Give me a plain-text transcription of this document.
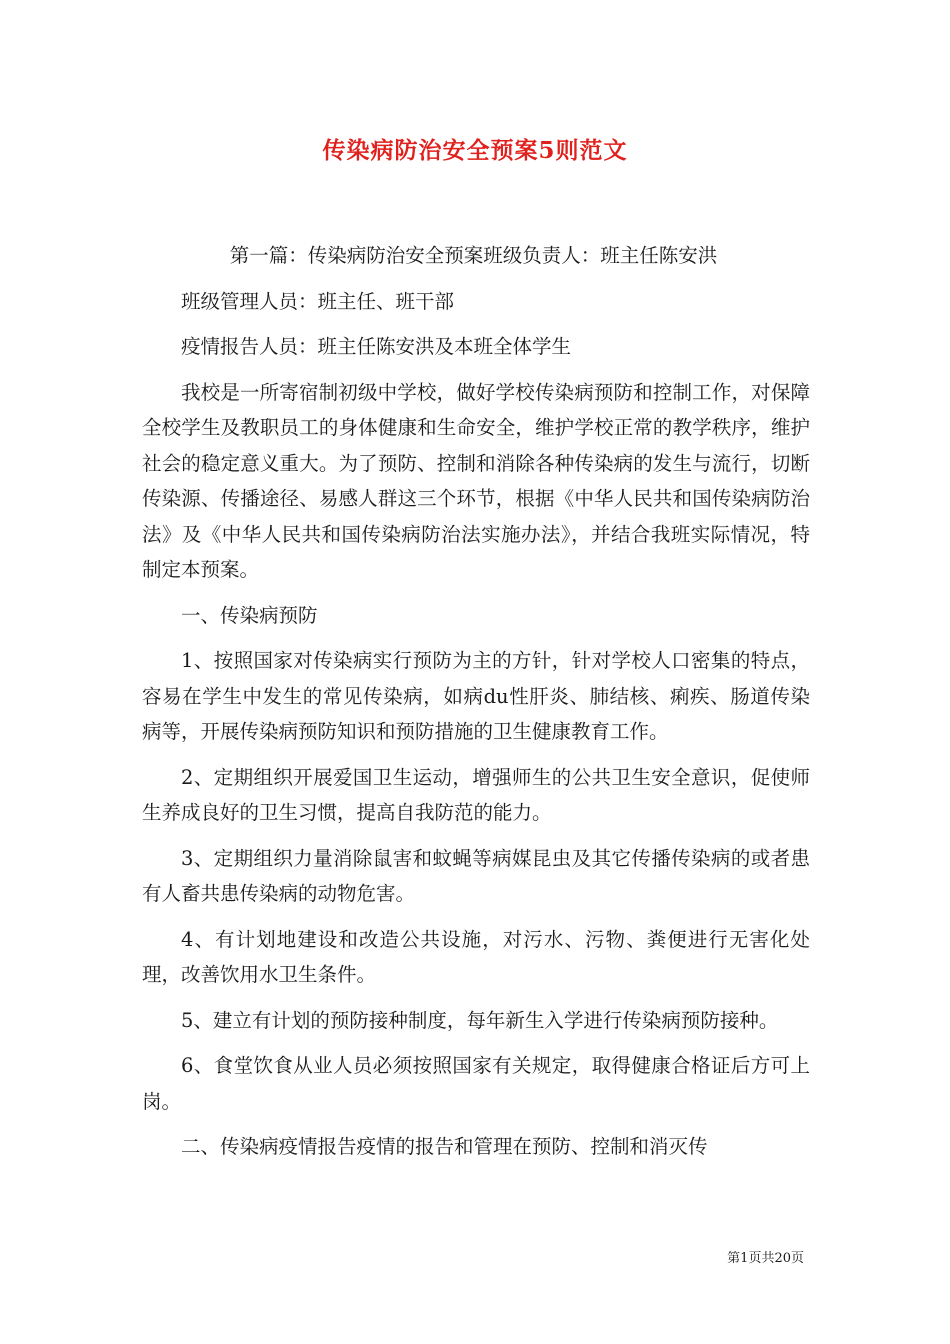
传染病防治安全预案5则范文

第一篇：传染病防治安全预案班级负责人：班主任陈安洪

班级管理人员：班主任、班干部

疫情报告人员：班主任陈安洪及本班全体学生

我校是一所寄宿制初级中学校，做好学校传染病预防和控制工作，对保障全校学生及教职员工的身体健康和生命安全，维护学校正常的教学秩序，维护社会的稳定意义重大。为了预防、控制和消除各种传染病的发生与流行，切断传染源、传播途径、易感人群这三个环节，根据《中华人民共和国传染病防治法》及《中华人民共和国传染病防治法实施办法》，并结合我班实际情况，特制定本预案。

一、传染病预防

1、按照国家对传染病实行预防为主的方针，针对学校人口密集的特点，容易在学生中发生的常见传染病，如病du性肝炎、肺结核、痢疾、肠道传染病等，开展传染病预防知识和预防措施的卫生健康教育工作。

2、定期组织开展爱国卫生运动，增强师生的公共卫生安全意识，促使师生养成良好的卫生习惯，提高自我防范的能力。

3、定期组织力量消除鼠害和蚊蝇等病媒昆虫及其它传播传染病的或者患有人畜共患传染病的动物危害。

4、有计划地建设和改造公共设施，对污水、污物、粪便进行无害化处理，改善饮用水卫生条件。

5、建立有计划的预防接种制度，每年新生入学进行传染病预防接种。

6、食堂饮食从业人员必须按照国家有关规定，取得健康合格证后方可上岗。

二、传染病疫情报告疫情的报告和管理在预防、控制和消灭传

第1页共20页
